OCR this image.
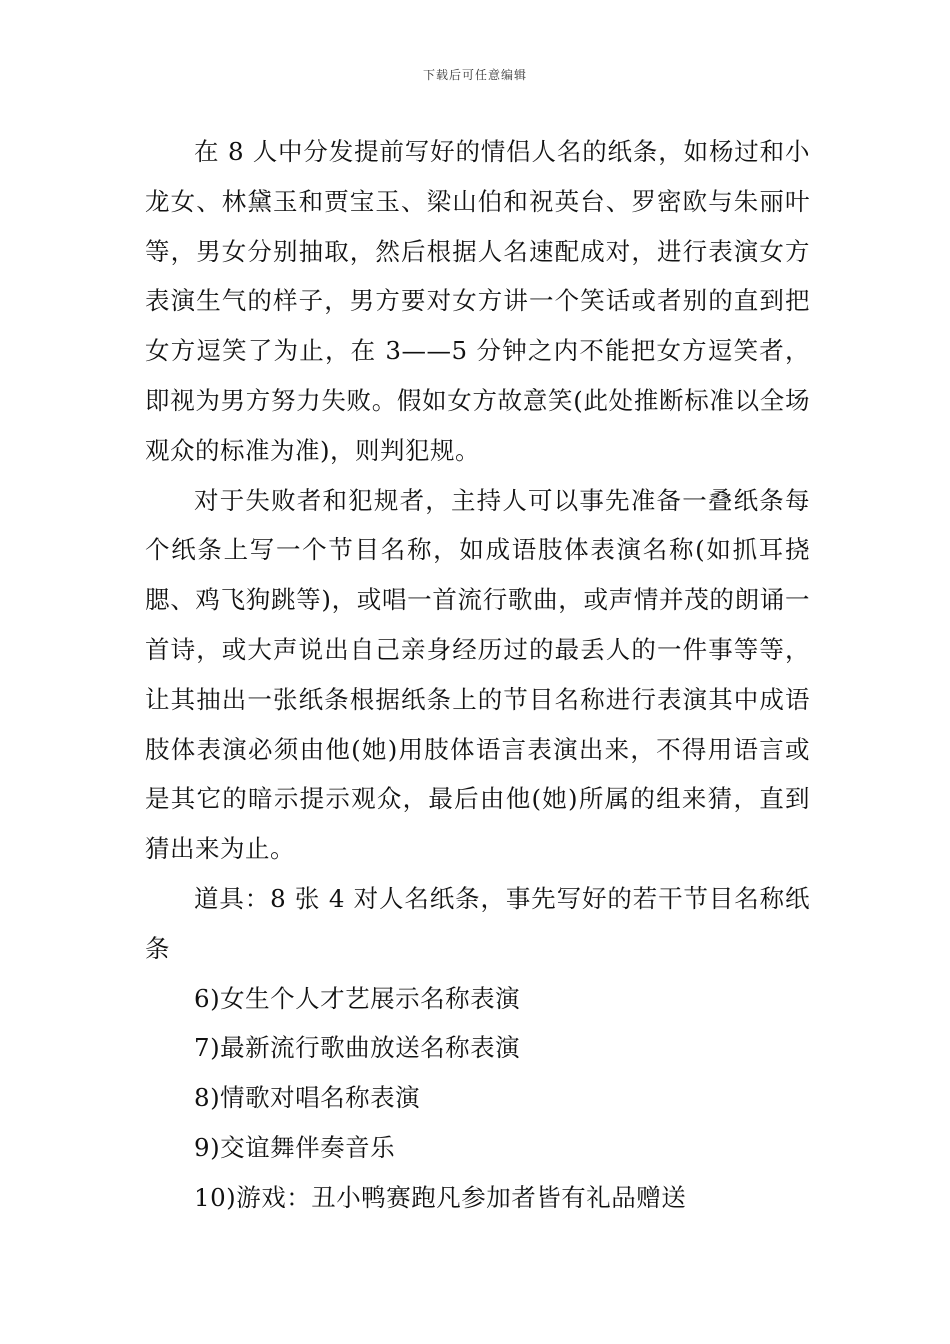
下载后可任意编辑

在 8 人中分发提前写好的情侣人名的纸条，如杨过和小龙女、林黛玉和贾宝玉、梁山伯和祝英台、罗密欧与朱丽叶等，男女分别抽取，然后根据人名速配成对，进行表演女方表演生气的样子，男方要对女方讲一个笑话或者别的直到把女方逗笑了为止，在 3——5 分钟之内不能把女方逗笑者，即视为男方努力失败。假如女方故意笑(此处推断标准以全场观众的标准为准)，则判犯规。

对于失败者和犯规者，主持人可以事先准备一叠纸条每个纸条上写一个节目名称，如成语肢体表演名称(如抓耳挠腮、鸡飞狗跳等)，或唱一首流行歌曲，或声情并茂的朗诵一首诗，或大声说出自己亲身经历过的最丢人的一件事等等，让其抽出一张纸条根据纸条上的节目名称进行表演其中成语肢体表演必须由他(她)用肢体语言表演出来，不得用语言或是其它的暗示提示观众，最后由他(她)所属的组来猜，直到猜出来为止。

道具：8 张 4 对人名纸条，事先写好的若干节目名称纸条

6)女生个人才艺展示名称表演

7)最新流行歌曲放送名称表演

8)情歌对唱名称表演

9)交谊舞伴奏音乐

10)游戏：丑小鸭赛跑凡参加者皆有礼品赠送
